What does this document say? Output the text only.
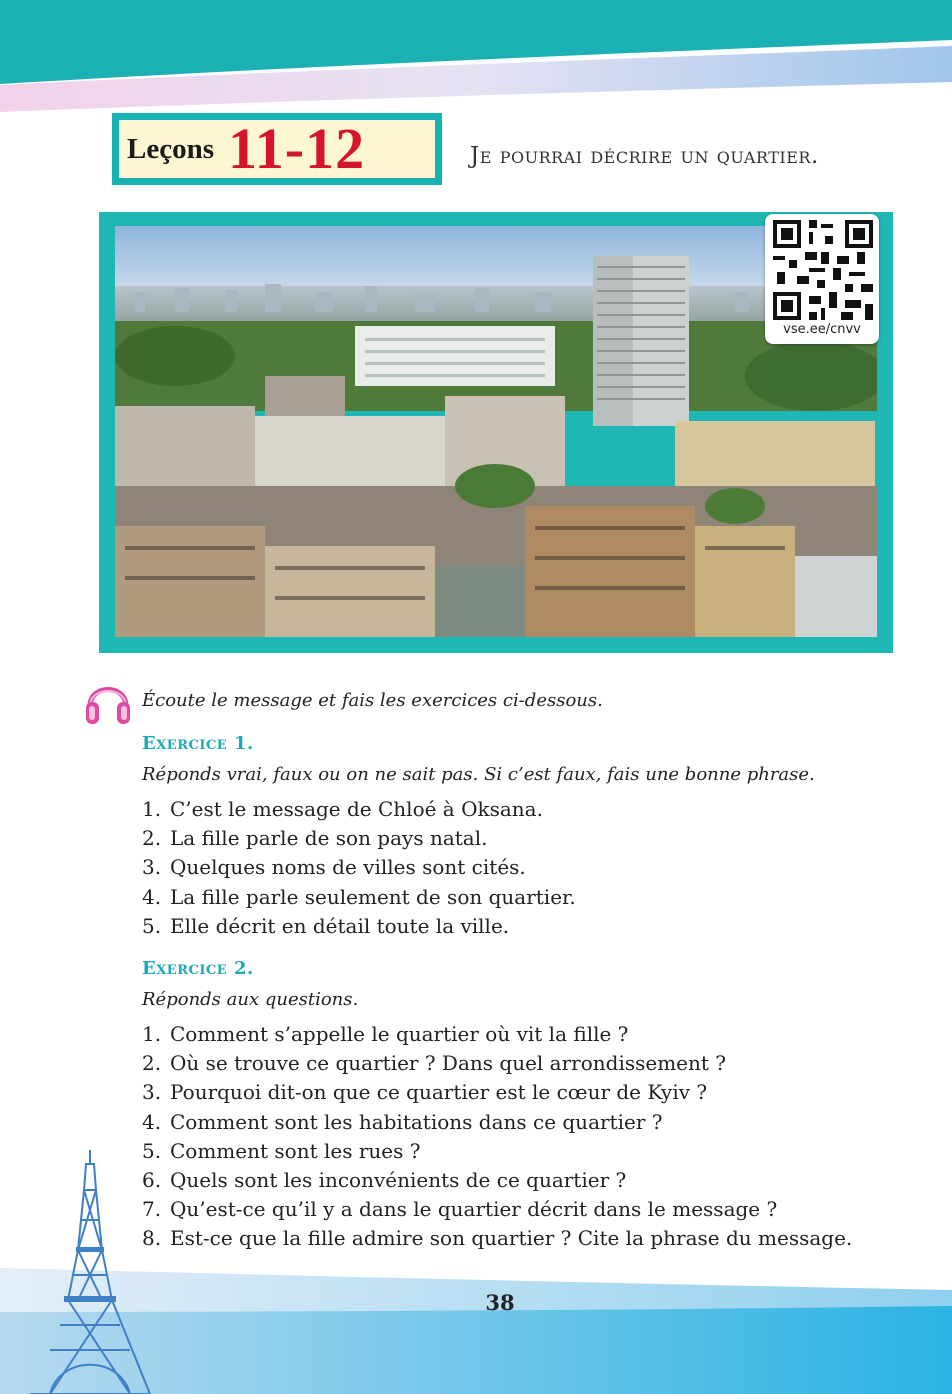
Leçons 11-12	Je pourrai décrire un quartier.
vse.ee/cnvv
Écoute le message et fais les exercices ci-dessous.
Exercice 1.
Réponds vrai, faux ou on ne sait pas. Si c’est faux, fais une bonne phrase.
1. C’est le message de Chloé à Oksana.
2. La fille parle de son pays natal.
3. Quelques noms de villes sont cités.
4. La fille parle seulement de son quartier.
5. Elle décrit en détail toute la ville.
Exercice 2.
Réponds aux questions.
1. Comment s’appelle le quartier où vit la fille ?
2. Où se trouve ce quartier ? Dans quel arrondissement ?
3. Pourquoi dit-on que ce quartier est le cœur de Kyiv ?
4. Comment sont les habitations dans ce quartier ?
5. Comment sont les rues ?
6. Quels sont les inconvénients de ce quartier ?
7. Qu’est-ce qu’il y a dans le quartier décrit dans le message ?
8. Est-ce que la fille admire son quartier ? Cite la phrase du message.
38
